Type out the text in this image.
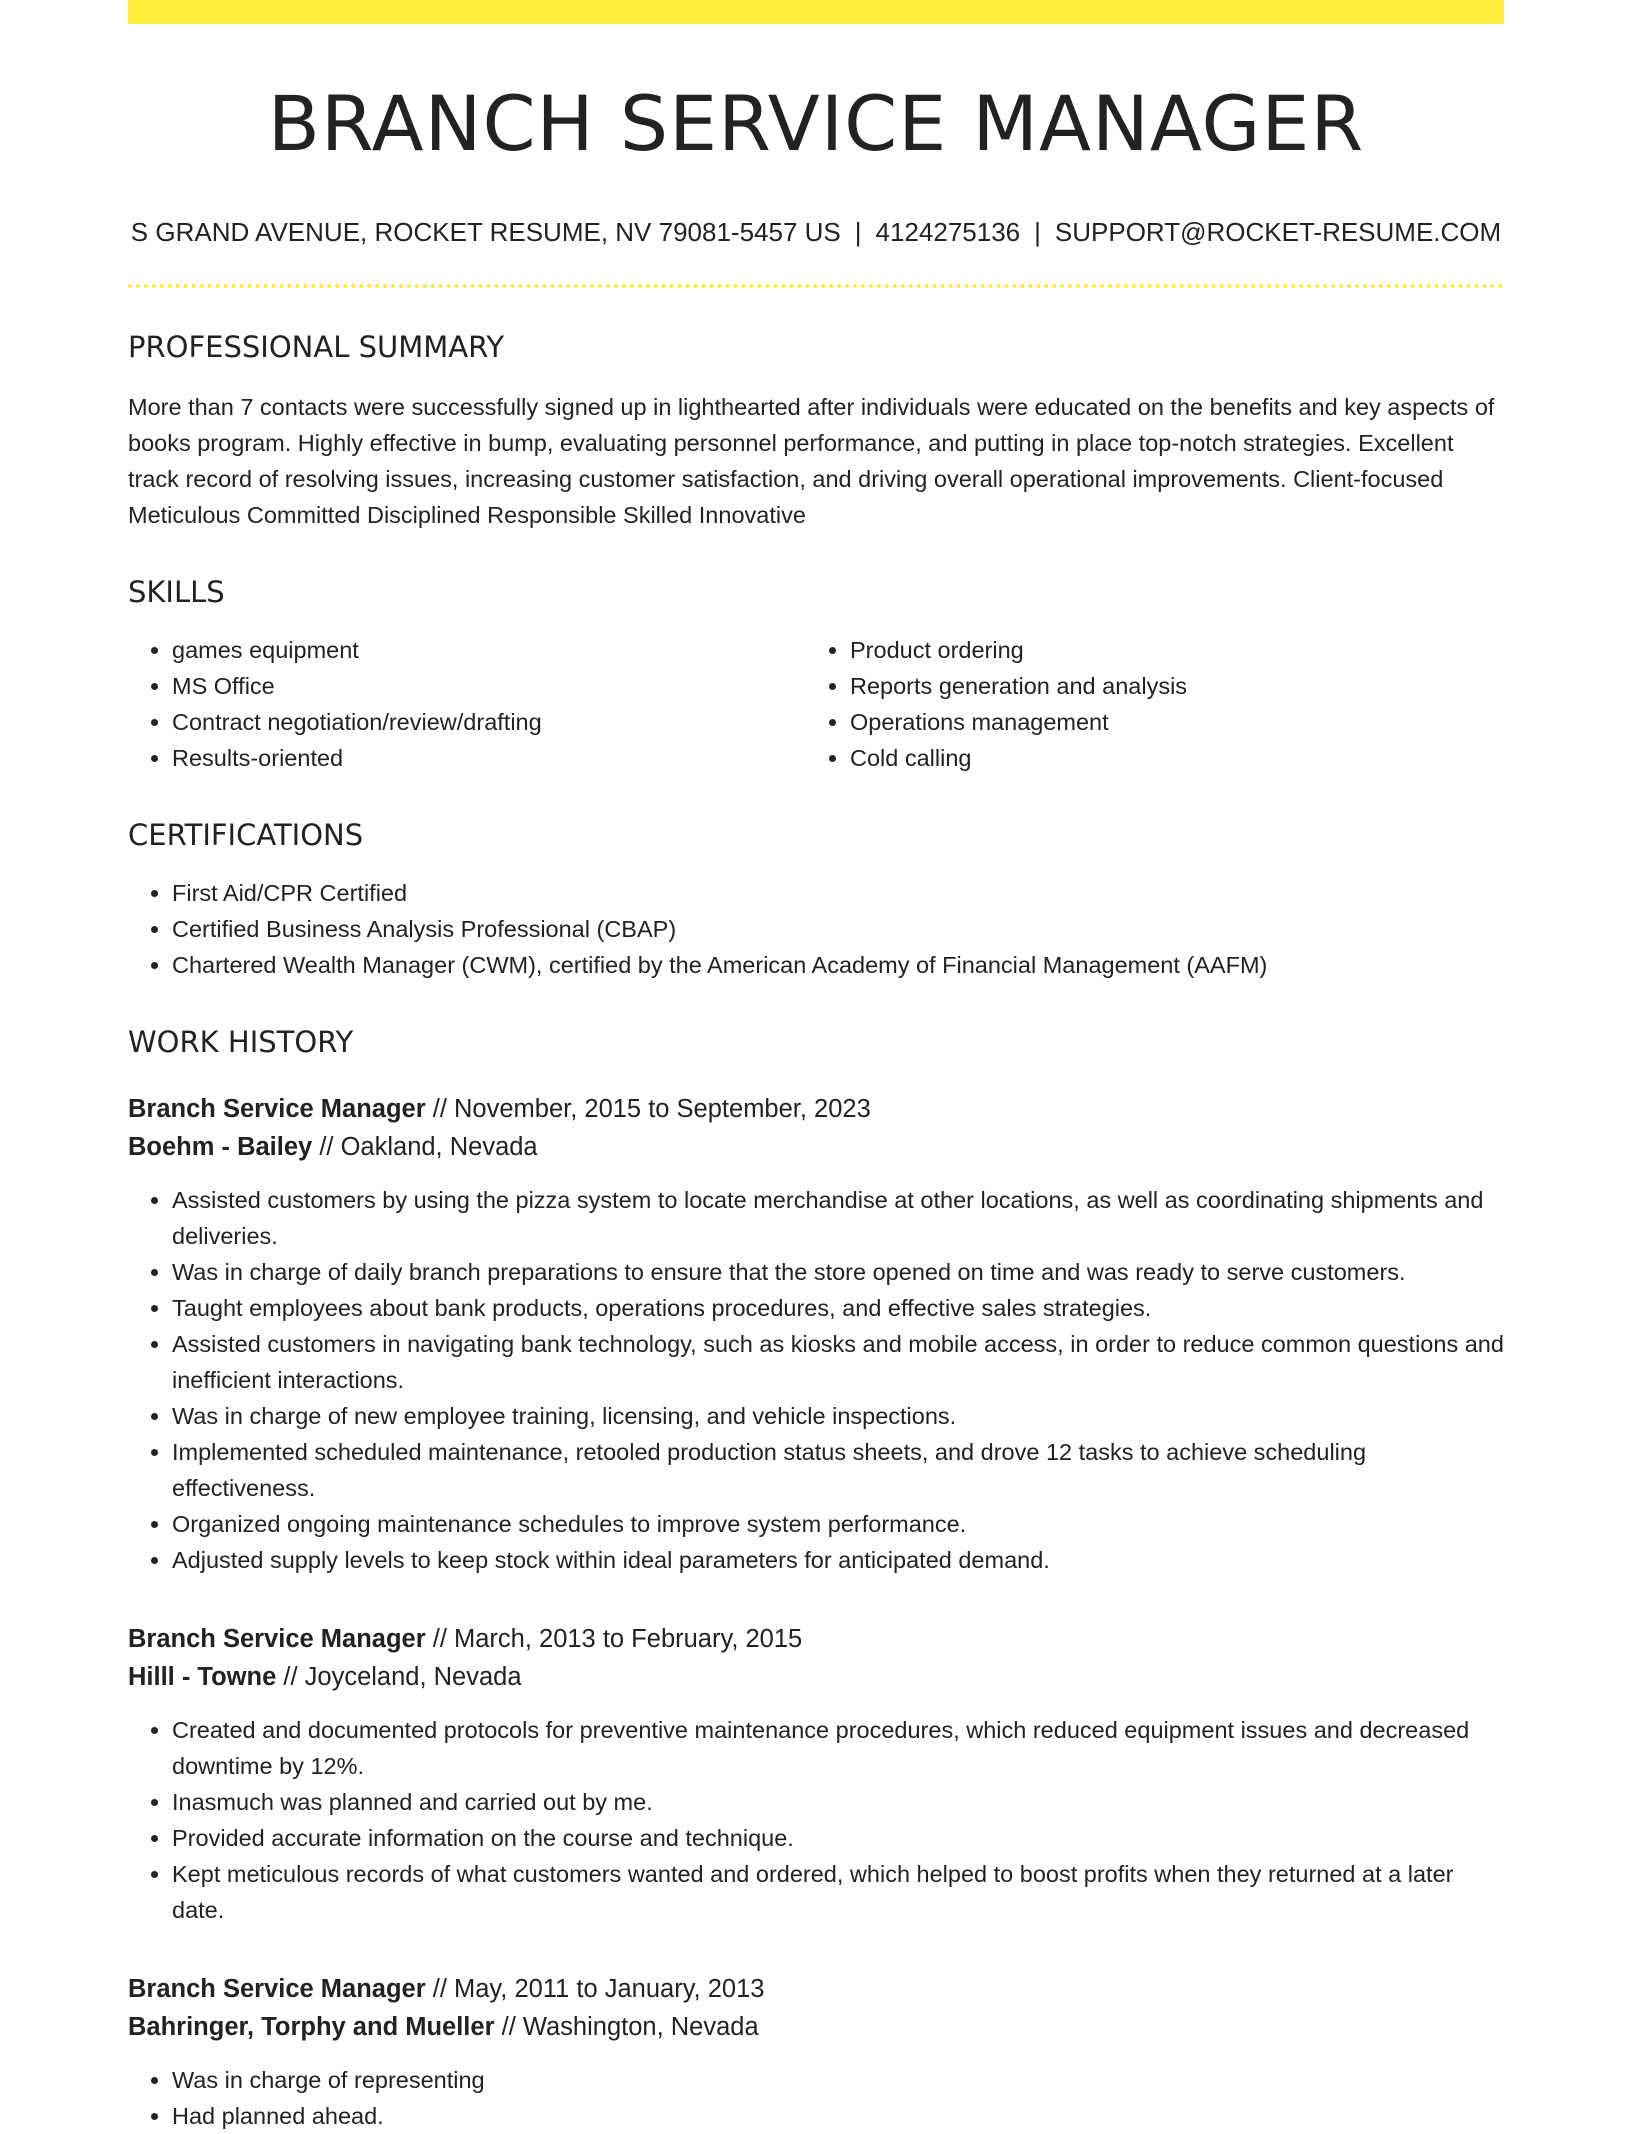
BRANCH SERVICE MANAGER
S GRAND AVENUE, ROCKET RESUME, NV 79081-5457 US | 4124275136 | SUPPORT@ROCKET-RESUME.COM
PROFESSIONAL SUMMARY
More than 7 contacts were successfully signed up in lighthearted after individuals were educated on the benefits and key aspects of books program. Highly effective in bump, evaluating personnel performance, and putting in place top-notch strategies. Excellent track record of resolving issues, increasing customer satisfaction, and driving overall operational improvements. Client-focused Meticulous Committed Disciplined Responsible Skilled Innovative
SKILLS
• games equipment
• MS Office
• Contract negotiation/review/drafting
• Results-oriented
• Product ordering
• Reports generation and analysis
• Operations management
• Cold calling
CERTIFICATIONS
• First Aid/CPR Certified
• Certified Business Analysis Professional (CBAP)
• Chartered Wealth Manager (CWM), certified by the American Academy of Financial Management (AAFM)
WORK HISTORY
Branch Service Manager // November, 2015 to September, 2023
Boehm - Bailey // Oakland, Nevada
• Assisted customers by using the pizza system to locate merchandise at other locations, as well as coordinating shipments and deliveries.
• Was in charge of daily branch preparations to ensure that the store opened on time and was ready to serve customers.
• Taught employees about bank products, operations procedures, and effective sales strategies.
• Assisted customers in navigating bank technology, such as kiosks and mobile access, in order to reduce common questions and inefficient interactions.
• Was in charge of new employee training, licensing, and vehicle inspections.
• Implemented scheduled maintenance, retooled production status sheets, and drove 12 tasks to achieve scheduling effectiveness.
• Organized ongoing maintenance schedules to improve system performance.
• Adjusted supply levels to keep stock within ideal parameters for anticipated demand.
Branch Service Manager // March, 2013 to February, 2015
Hilll - Towne // Joyceland, Nevada
• Created and documented protocols for preventive maintenance procedures, which reduced equipment issues and decreased downtime by 12%.
• Inasmuch was planned and carried out by me.
• Provided accurate information on the course and technique.
• Kept meticulous records of what customers wanted and ordered, which helped to boost profits when they returned at a later date.
Branch Service Manager // May, 2011 to January, 2013
Bahringer, Torphy and Mueller // Washington, Nevada
• Was in charge of representing
• Had planned ahead.
